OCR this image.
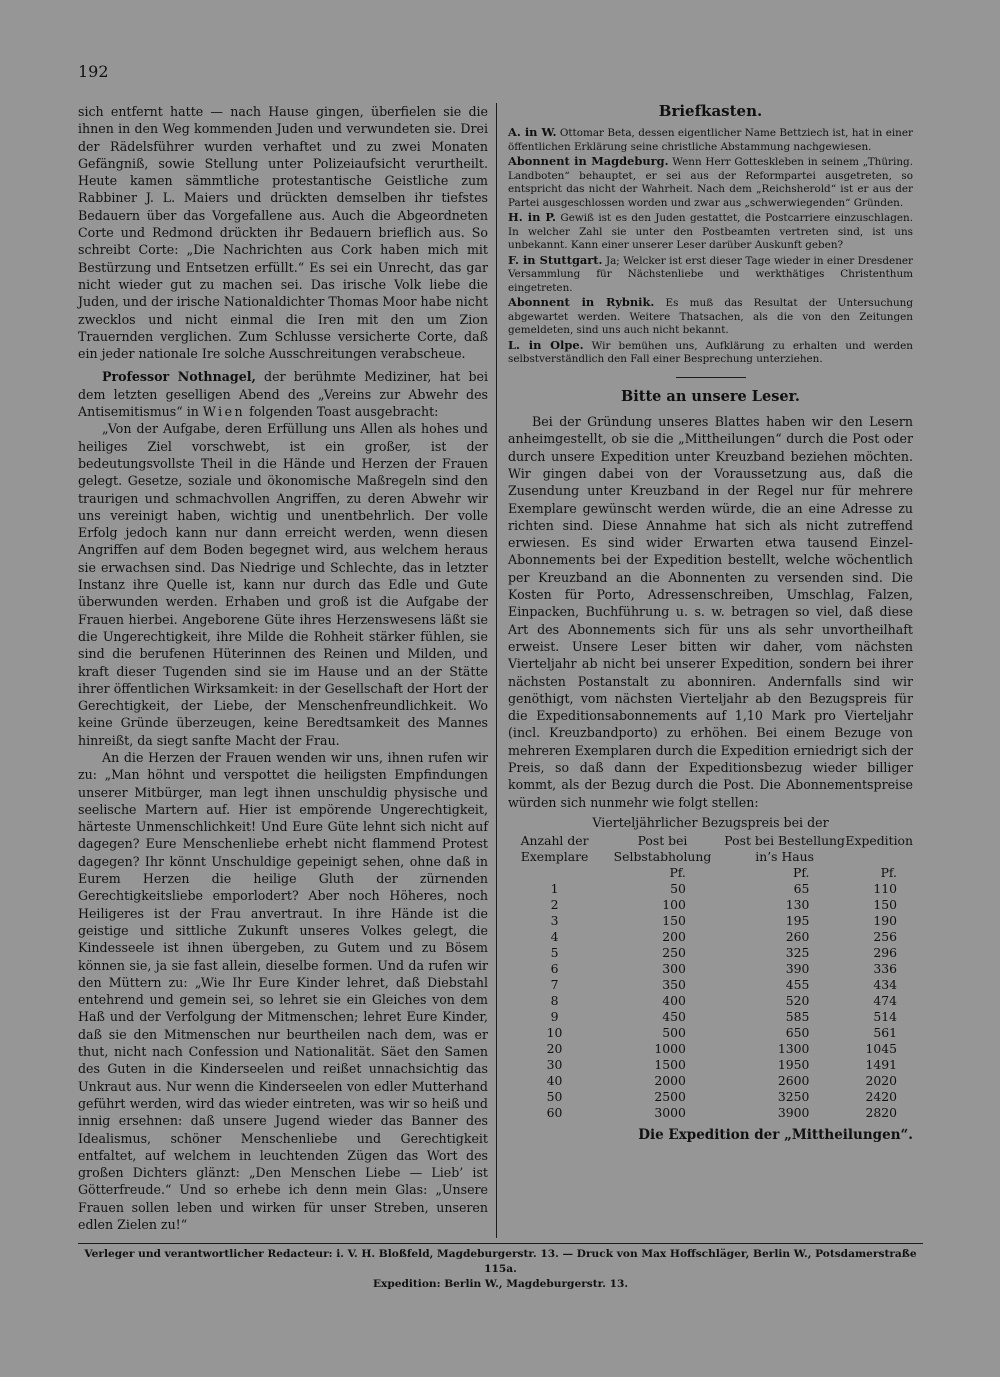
192

sich entfernt hatte — nach Hause gingen, überfielen sie die ihnen in den Weg kommenden Juden und verwundeten sie. Drei der Rädelsführer wurden verhaftet und zu zwei Monaten Gefängniß, sowie Stellung unter Polizeiaufsicht verurtheilt. Heute kamen sämmtliche protestantische Geistliche zum Rabbiner J. L. Maiers und drückten demselben ihr tiefstes Bedauern über das Vorgefallene aus. Auch die Abgeordneten Corte und Redmond drückten ihr Bedauern brieflich aus. So schreibt Corte: „Die Nachrichten aus Cork haben mich mit Bestürzung und Entsetzen erfüllt.“ Es sei ein Unrecht, das gar nicht wieder gut zu machen sei. Das irische Volk liebe die Juden, und der irische Nationaldichter Thomas Moor habe nicht zwecklos und nicht einmal die Iren mit den um Zion Trauernden verglichen. Zum Schlusse versicherte Corte, daß ein jeder nationale Ire solche Ausschreitungen verabscheue.

Professor Nothnagel, der berühmte Mediziner, hat bei dem letzten geselligen Abend des „Vereins zur Abwehr des Antisemitismus“ in Wien folgenden Toast ausgebracht:

„Von der Aufgabe, deren Erfüllung uns Allen als hohes und heiliges Ziel vorschwebt, ist ein großer, ist der bedeutungsvollste Theil in die Hände und Herzen der Frauen gelegt. Gesetze, soziale und ökonomische Maßregeln sind den traurigen und schmachvollen Angriffen, zu deren Abwehr wir uns vereinigt haben, wichtig und unentbehrlich. Der volle Erfolg jedoch kann nur dann erreicht werden, wenn diesen Angriffen auf dem Boden begegnet wird, aus welchem heraus sie erwachsen sind. Das Niedrige und Schlechte, das in letzter Instanz ihre Quelle ist, kann nur durch das Edle und Gute überwunden werden. Erhaben und groß ist die Aufgabe der Frauen hierbei. Angeborene Güte ihres Herzenswesens läßt sie die Ungerechtigkeit, ihre Milde die Rohheit stärker fühlen, sie sind die berufenen Hüterinnen des Reinen und Milden, und kraft dieser Tugenden sind sie im Hause und an der Stätte ihrer öffentlichen Wirksamkeit: in der Gesellschaft der Hort der Gerechtigkeit, der Liebe, der Menschenfreundlichkeit. Wo keine Gründe überzeugen, keine Beredtsamkeit des Mannes hinreißt, da siegt sanfte Macht der Frau.

An die Herzen der Frauen wenden wir uns, ihnen rufen wir zu: „Man höhnt und verspottet die heiligsten Empfindungen unserer Mitbürger, man legt ihnen unschuldig physische und seelische Martern auf. Hier ist empörende Ungerechtigkeit, härteste Unmenschlichkeit! Und Eure Güte lehnt sich nicht auf dagegen? Eure Menschenliebe erhebt nicht flammend Protest dagegen? Ihr könnt Unschuldige gepeinigt sehen, ohne daß in Eurem Herzen die heilige Gluth der zürnenden Gerechtigkeitsliebe emporlodert? Aber noch Höheres, noch Heiligeres ist der Frau anvertraut. In ihre Hände ist die geistige und sittliche Zukunft unseres Volkes gelegt, die Kindesseele ist ihnen übergeben, zu Gutem und zu Bösem können sie, ja sie fast allein, dieselbe formen. Und da rufen wir den Müttern zu: „Wie Ihr Eure Kinder lehret, daß Diebstahl entehrend und gemein sei, so lehret sie ein Gleiches von dem Haß und der Verfolgung der Mitmenschen; lehret Eure Kinder, daß sie den Mitmenschen nur beurtheilen nach dem, was er thut, nicht nach Confession und Nationalität. Säet den Samen des Guten in die Kinderseelen und reißet unnachsichtig das Unkraut aus. Nur wenn die Kinderseelen von edler Mutterhand geführt werden, wird das wieder eintreten, was wir so heiß und innig ersehnen: daß unsere Jugend wieder das Banner des Idealismus, schöner Menschenliebe und Gerechtigkeit entfaltet, auf welchem in leuchtenden Zügen das Wort des großen Dichters glänzt: „Den Menschen Liebe — Lieb’ ist Götterfreude.“ Und so erhebe ich denn mein Glas: „Unsere Frauen sollen leben und wirken für unser Streben, unseren edlen Zielen zu!“

Briefkasten.

A. in W. Ottomar Beta, dessen eigentlicher Name Bettziech ist, hat in einer öffentlichen Erklärung seine christliche Abstammung nachgewiesen.

Abonnent in Magdeburg. Wenn Herr Gotteskleben in seinem „Thüring. Landboten“ behauptet, er sei aus der Reformpartei ausgetreten, so entspricht das nicht der Wahrheit. Nach dem „Reichsherold“ ist er aus der Partei ausgeschlossen worden und zwar aus „schwerwiegenden“ Gründen.

H. in P. Gewiß ist es den Juden gestattet, die Postcarriere einzuschlagen. In welcher Zahl sie unter den Postbeamten vertreten sind, ist uns unbekannt. Kann einer unserer Leser darüber Auskunft geben?

F. in Stuttgart. Ja; Welcker ist erst dieser Tage wieder in einer Dresdener Versammlung für Nächstenliebe und werkthätiges Christenthum eingetreten.

Abonnent in Rybnik. Es muß das Resultat der Untersuchung abgewartet werden. Weitere Thatsachen, als die von den Zeitungen gemeldeten, sind uns auch nicht bekannt.

L. in Olpe. Wir bemühen uns, Aufklärung zu erhalten und werden selbstverständlich den Fall einer Besprechung unterziehen.

Bitte an unsere Leser.

Bei der Gründung unseres Blattes haben wir den Lesern anheimgestellt, ob sie die „Mittheilungen“ durch die Post oder durch unsere Expedition unter Kreuzband beziehen möchten. Wir gingen dabei von der Voraussetzung aus, daß die Zusendung unter Kreuzband in der Regel nur für mehrere Exemplare gewünscht werden würde, die an eine Adresse zu richten sind. Diese Annahme hat sich als nicht zutreffend erwiesen. Es sind wider Erwarten etwa tausend Einzel-Abonnements bei der Expedition bestellt, welche wöchentlich per Kreuzband an die Abonnenten zu versenden sind. Die Kosten für Porto, Adressenschreiben, Umschlag, Falzen, Einpacken, Buchführung u. s. w. betragen so viel, daß diese Art des Abonnements sich für uns als sehr unvortheilhaft erweist. Unsere Leser bitten wir daher, vom nächsten Vierteljahr ab nicht bei unserer Expedition, sondern bei ihrer nächsten Postanstalt zu abonniren. Andernfalls sind wir genöthigt, vom nächsten Vierteljahr ab den Bezugspreis für die Expeditionsabonnements auf 1,10 Mark pro Vierteljahr (incl. Kreuzbandporto) zu erhöhen. Bei einem Bezuge von mehreren Exemplaren durch die Expedition erniedrigt sich der Preis, so daß dann der Expeditionsbezug wieder billiger kommt, als der Bezug durch die Post. Die Abonnementspreise würden sich nunmehr wie folgt stellen:

Vierteljährlicher Bezugspreis bei der
Anzahl der Exemplare	Post bei Selbstabholung	Post bei Bestellung in’s Haus	Expedition
	Pf.	Pf.	Pf.
1	50	65	110
2	100	130	150
3	150	195	190
4	200	260	256
5	250	325	296
6	300	390	336
7	350	455	434
8	400	520	474
9	450	585	514
10	500	650	561
20	1000	1300	1045
30	1500	1950	1491
40	2000	2600	2020
50	2500	3250	2420
60	3000	3900	2820
Die Expedition der „Mittheilungen“.
Verleger und verantwortlicher Redacteur: i. V. H. Bloßfeld, Magdeburgerstr. 13. — Druck von Max Hoffschläger, Berlin W., Potsdamerstraße 115a.
Expedition: Berlin W., Magdeburgerstr. 13.
